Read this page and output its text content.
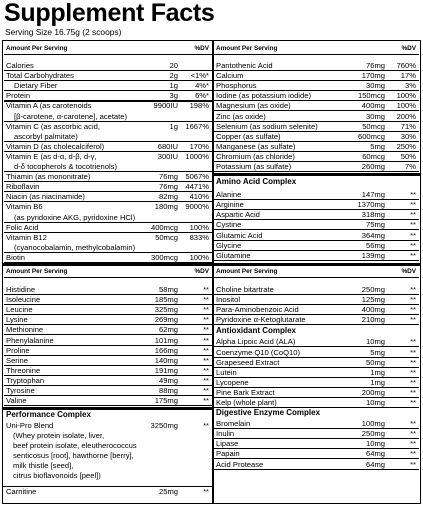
Supplement Facts
Serving Size 16.75g (2 scoops)
Amount Per Serving	%DV
Calories	20
Total Carbohydrates	2g <1%*
Dietary Fiber	1g 4%*
Protein	3g 6%*
Vitamin A (as carotenoids	9900IU 198%
[β-carotene, α-carotene], acetate)
Vitamin C (as ascorbic acid,	1g 1667%
ascorbyl palmitate)
Vitamin D (as cholecalciferol)	680IU 170%
Vitamin E (as d-α, d-β, d-γ,	300IU 1000%
d-δ tocopherols & tocotrienols)
Thiamin (as mononitrate)	76mg 5067%
Riboflavin	76mg 4471%
Niacin (as niacinamide)	82mg 410%
Vitamin B6	180mg 9000%
(as pyridoxine AKG, pyridoxine HCl)
Folic Acid	400mcg 100%
Vitamin B12	50mcg 833%
(cyanocobalamin, methylcobalamin)
Biotin	300mcg 100%
Amount Per Serving	%DV
Histidine	58mg	**
Isoleucine	185mg	**
Leucine	325mg	**
Lysine	269mg	**
Methionine	62mg	**
Phenylalanine	101mg	**
Proline	166mg	**
Serine	140mg	**
Threonine	191mg	**
Tryptophan	49mg	**
Tyrosine	88mg	**
Valine	175mg	**
Performance Complex
Uni-Pro Blend	3250mg	**
(Whey protein isolate, liver,
beef protein isolate, eleutherococcus
senticosus [root], hawthorne [berry],
milk thistle [seed],
citrus bioflavonoids [peel])
Carnitine	25mg	**
Amount Per Serving	%DV
Pantothenic Acid	76mg 760%
Calcium	170mg 17%
Phosphorus	30mg	3%
Iodine (as potassium iodide)	150mcg 100%
Magnesium (as oxide)	400mg 100%
Zinc (as oxide)	30mg 200%
Selenium (as sodium selenite)	50mcg 71%
Copper (as sulfate)	600mcg 30%
Manganese (as sulfate)	5mg 250%
Chromium (as chloride)	60mcg 50%
Potassium (as sulfate)	260mg	7%
Amino Acid Complex
Alanine	147mg	**
Arginine	1370mg	**
Aspartic Acid	318mg	**
Cystine	75mg	**
Glutamic Acid	364mg	**
Glycine	56mg	**
Glutamine	139mg	**
Amount Per Serving	%DV
Choline bitartrate	250mg	**
Inositol	125mg	**
Para-Aminobenzoic Acid	400mg	**
Pyridoxine α-Ketoglutarate	210mg	**
Antioxidant Complex
Alpha Lipoic Acid (ALA)	10mg	**
Coenzyme Q10 (CoQ10)	5mg	**
Grapeseed Extract	50mg	**
Lutein	1mg	**
Lycopene	1mg	**
Pine Bark Extract	200mg	**
Kelp (whole plant)	10mg	**
Digestive Enzyme Complex
Bromelain	100mg	**
Inulin	250mg	**
Lipase	10mg	**
Papain	64mg	**
Acid Protease	64mg	**
